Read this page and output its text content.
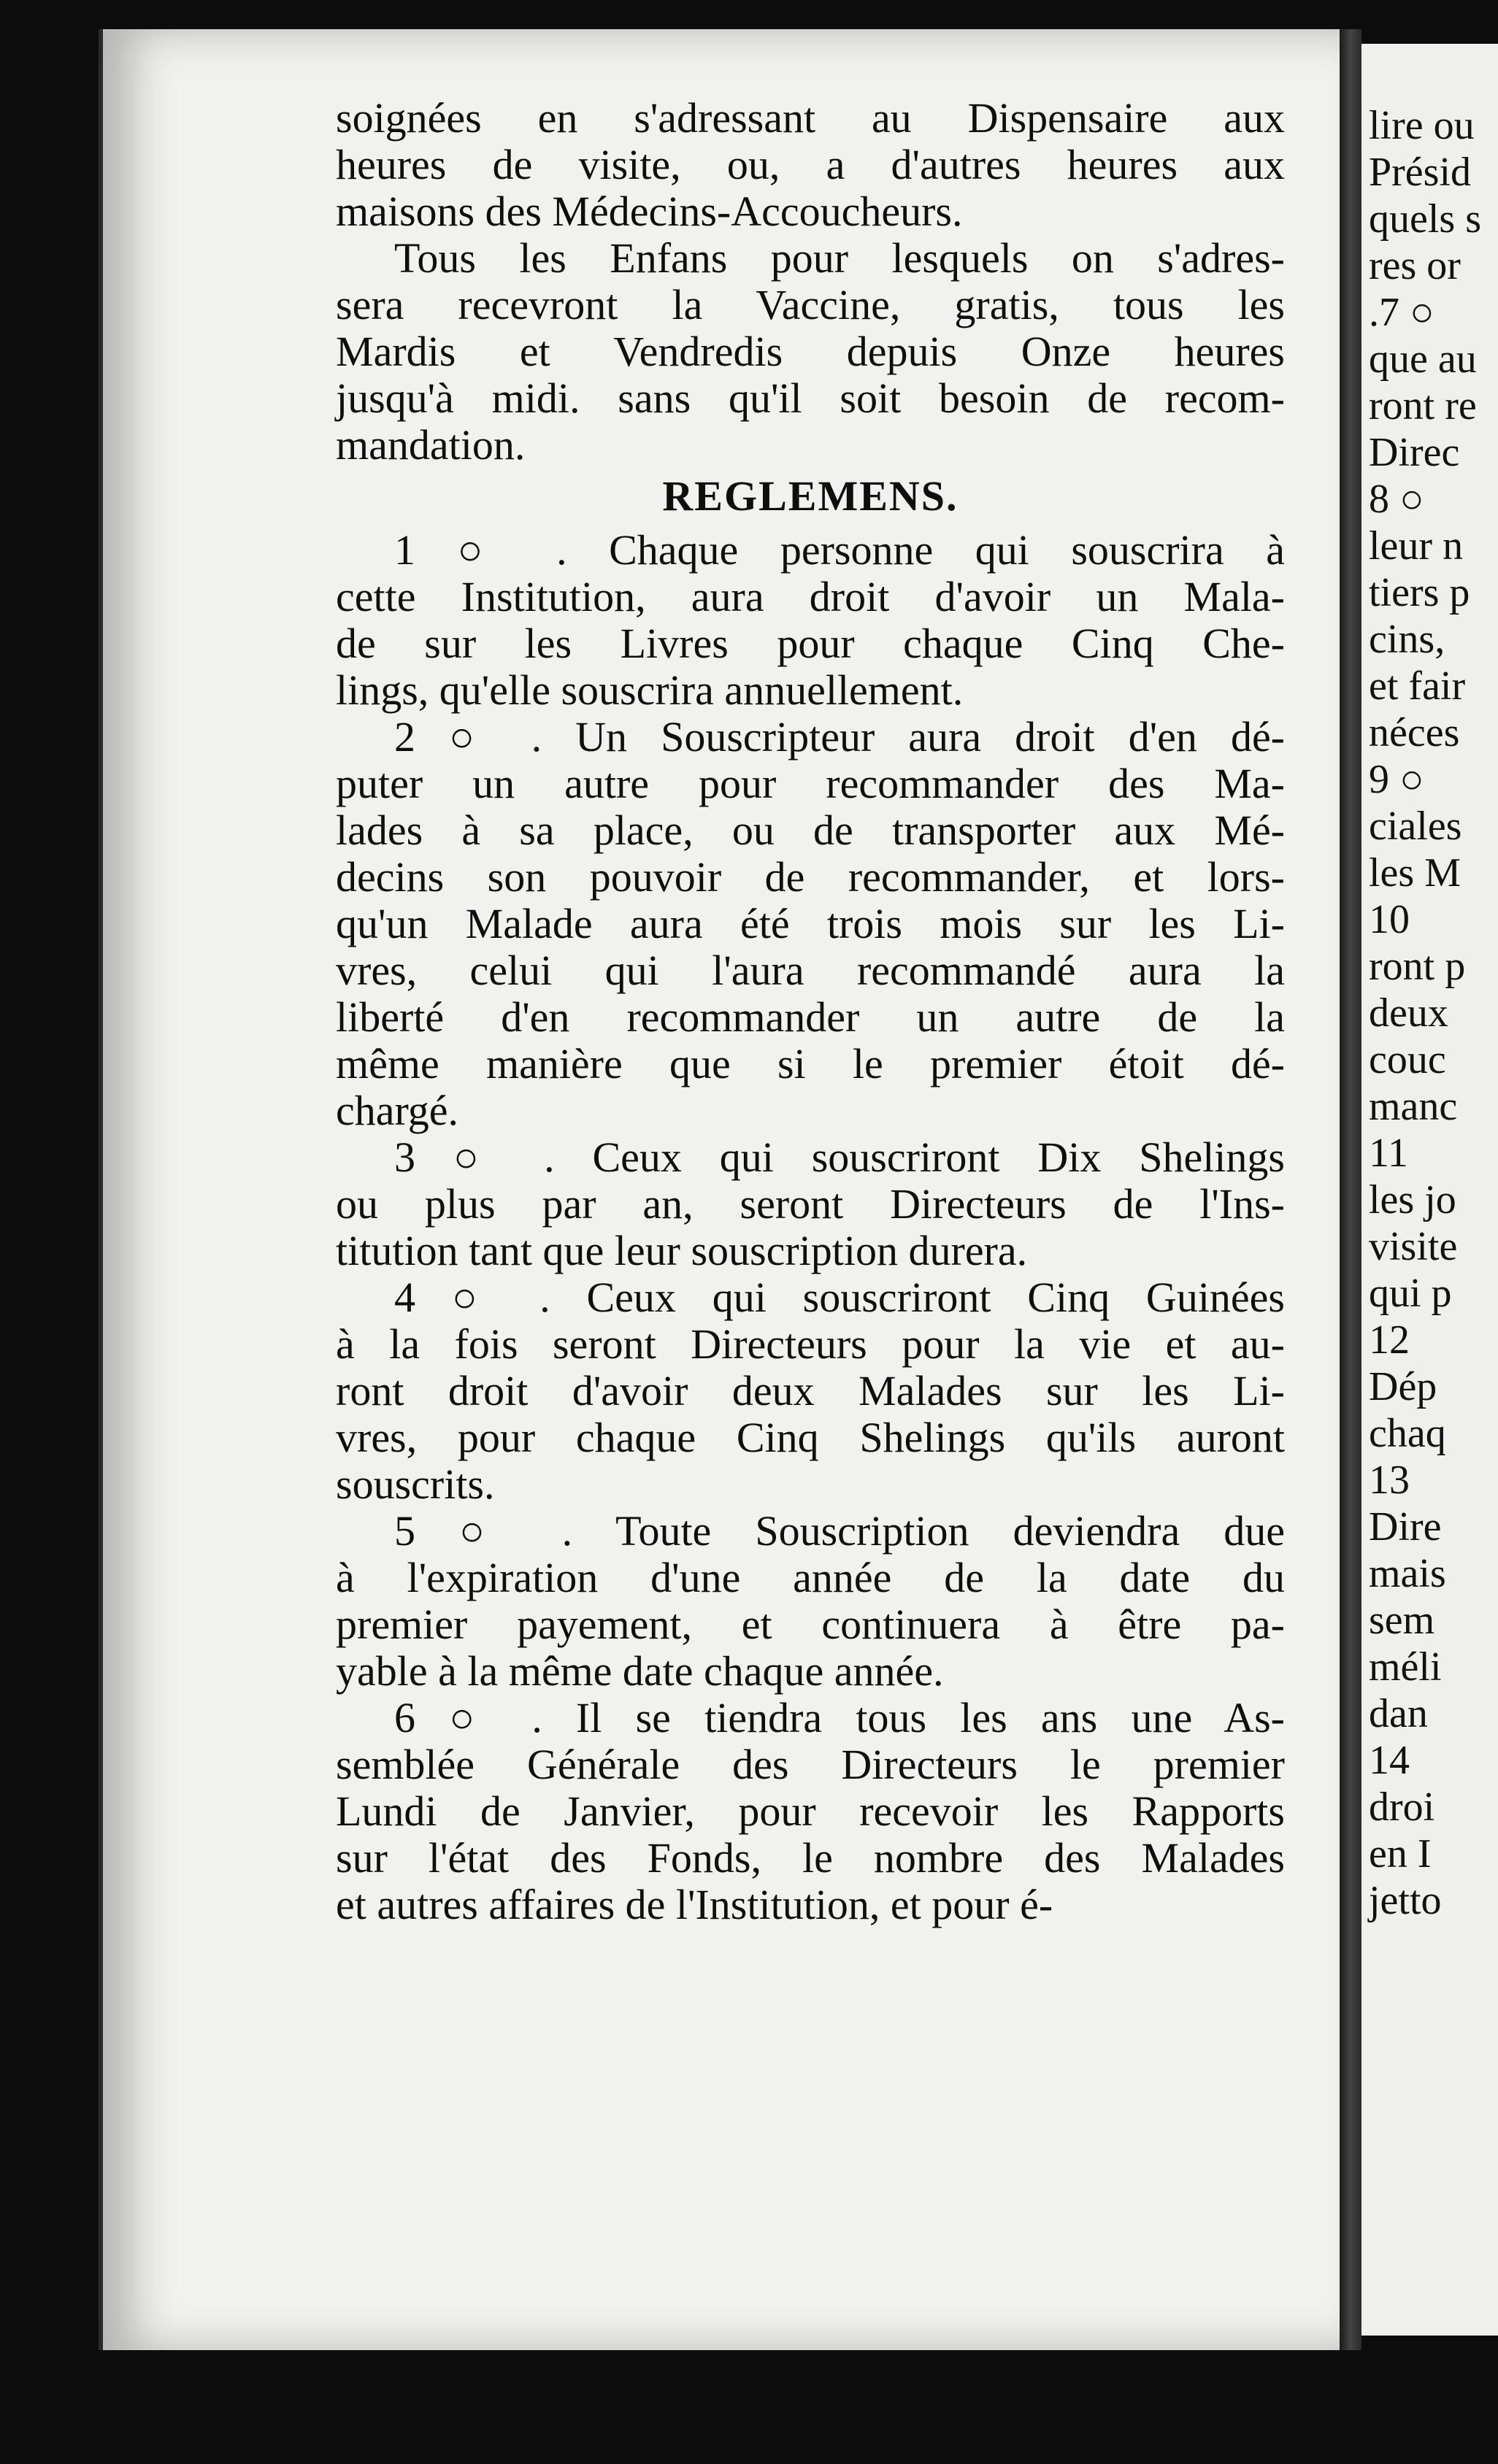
lire ou
Présid
quels s
res or
.7 ○
que au
ront re
Direc
8 ○
leur n
tiers p
cins,
et fair
néces
9 ○
ciales
les M
10
ront p
deux
couc
manc
11
les jo
visite
qui p
12
Dép
chaq
13
Dire
mais
sem
méli
dan
14
droi
en I
jetto

soignées en s'adressant au Dispensaire aux
heures de visite, ou, a d'autres heures aux
maisons des Médecins-Accoucheurs.

Tous les Enfans pour lesquels on s'adres-
sera recevront la Vaccine, gratis, tous les
Mardis et Vendredis depuis Onze heures
jusqu'à midi. sans qu'il soit besoin de recom-
mandation.

REGLEMENS.

1 ○ . Chaque personne qui souscrira à
cette Institution, aura droit d'avoir un Mala-
de sur les Livres pour chaque Cinq Che-
lings, qu'elle souscrira annuellement.

2 ○ . Un Souscripteur aura droit d'en dé-
puter un autre pour recommander des Ma-
lades à sa place, ou de transporter aux Mé-
decins son pouvoir de recommander, et lors-
qu'un Malade aura été trois mois sur les Li-
vres, celui qui l'aura recommandé aura la
liberté d'en recommander un autre de la
même manière que si le premier étoit dé-
chargé.

3 ○ . Ceux qui souscriront Dix Shelings
ou plus par an, seront Directeurs de l'Ins-
titution tant que leur souscription durera.

4 ○ . Ceux qui souscriront Cinq Guinées
à la fois seront Directeurs pour la vie et au-
ront droit d'avoir deux Malades sur les Li-
vres, pour chaque Cinq Shelings qu'ils auront
souscrits.

5 ○ . Toute Souscription deviendra due
à l'expiration d'une année de la date du
premier payement, et continuera à être pa-
yable à la même date chaque année.

6 ○ . Il se tiendra tous les ans une As-
semblée Générale des Directeurs le premier
Lundi de Janvier, pour recevoir les Rapports
sur l'état des Fonds, le nombre des Malades
et autres affaires de l'Institution, et pour é-
